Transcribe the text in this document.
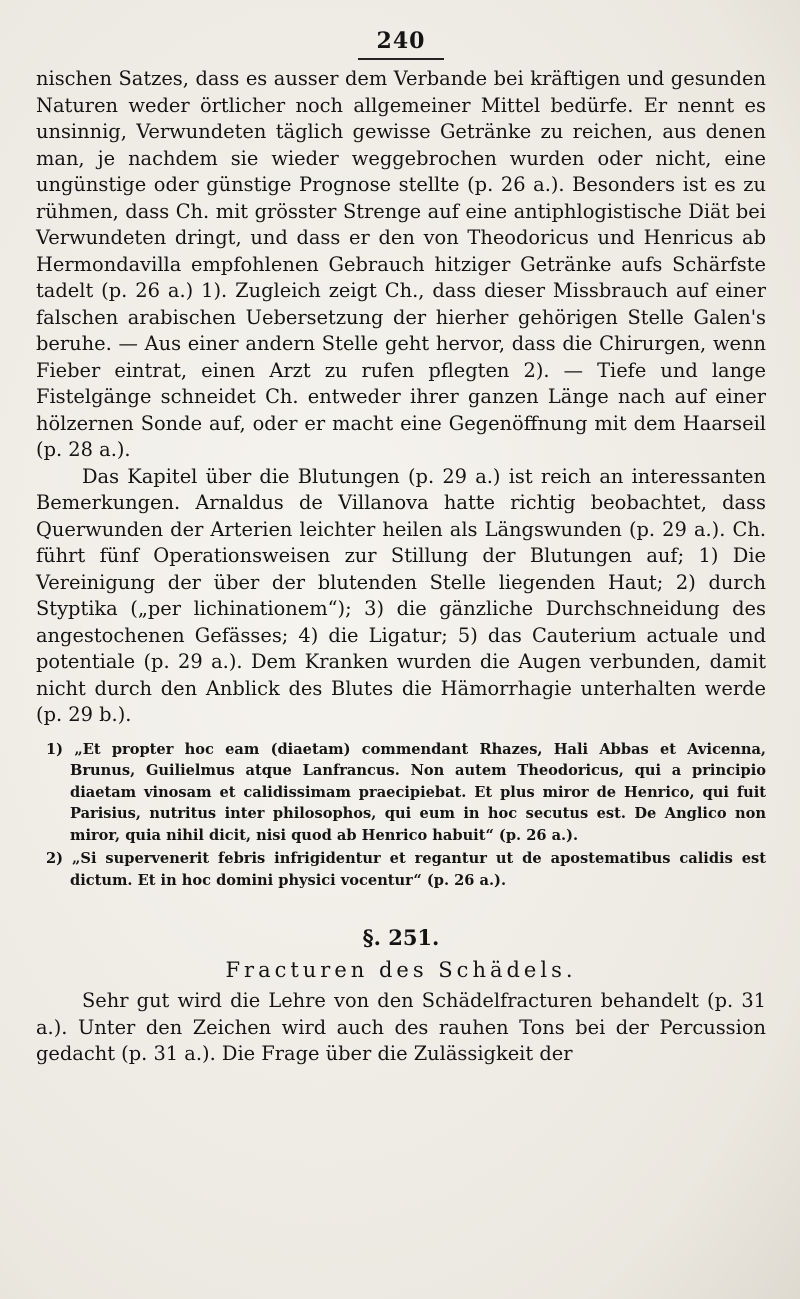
240

nischen Satzes, dass es ausser dem Verbande bei kräftigen und gesunden Naturen weder örtlicher noch allgemeiner Mittel bedürfe. Er nennt es unsinnig, Verwundeten täglich gewisse Getränke zu reichen, aus denen man, je nachdem sie wieder weggebrochen wurden oder nicht, eine ungünstige oder günstige Prognose stellte (p. 26 a.). Besonders ist es zu rühmen, dass Ch. mit grösster Strenge auf eine antiphlogistische Diät bei Verwundeten dringt, und dass er den von Theodoricus und Henricus ab Hermondavilla empfohlenen Gebrauch hitziger Getränke aufs Schärfste tadelt (p. 26 a.) 1). Zugleich zeigt Ch., dass dieser Missbrauch auf einer falschen arabischen Uebersetzung der hierher gehörigen Stelle Galen's beruhe. — Aus einer andern Stelle geht hervor, dass die Chirurgen, wenn Fieber eintrat, einen Arzt zu rufen pflegten 2). — Tiefe und lange Fistelgänge schneidet Ch. entweder ihrer ganzen Länge nach auf einer hölzernen Sonde auf, oder er macht eine Gegenöffnung mit dem Haarseil (p. 28 a.).

Das Kapitel über die Blutungen (p. 29 a.) ist reich an interessanten Bemerkungen. Arnaldus de Villanova hatte richtig beobachtet, dass Querwunden der Arterien leichter heilen als Längswunden (p. 29 a.). Ch. führt fünf Operationsweisen zur Stillung der Blutungen auf; 1) Die Vereinigung der über der blutenden Stelle liegenden Haut; 2) durch Styptika („per lichinationem“); 3) die gänzliche Durchschneidung des angestochenen Gefässes; 4) die Ligatur; 5) das Cauterium actuale und potentiale (p. 29 a.). Dem Kranken wurden die Augen verbunden, damit nicht durch den Anblick des Blutes die Hämorrhagie unterhalten werde (p. 29 b.).

1) „Et propter hoc eam (diaetam) commendant Rhazes, Hali Abbas et Avicenna, Brunus, Guilielmus atque Lanfrancus. Non autem Theodoricus, qui a principio diaetam vinosam et calidissimam praecipiebat. Et plus miror de Henrico, qui fuit Parisius, nutritus inter philosophos, qui eum in hoc secutus est. De Anglico non miror, quia nihil dicit, nisi quod ab Henrico habuit“ (p. 26 a.).

2) „Si supervenerit febris infrigidentur et regantur ut de apostematibus calidis est dictum. Et in hoc domini physici vocentur“ (p. 26 a.).

§. 251.
Fracturen des Schädels.

Sehr gut wird die Lehre von den Schädelfracturen behandelt (p. 31 a.). Unter den Zeichen wird auch des rauhen Tons bei der Percussion gedacht (p. 31 a.). Die Frage über die Zulässigkeit der
